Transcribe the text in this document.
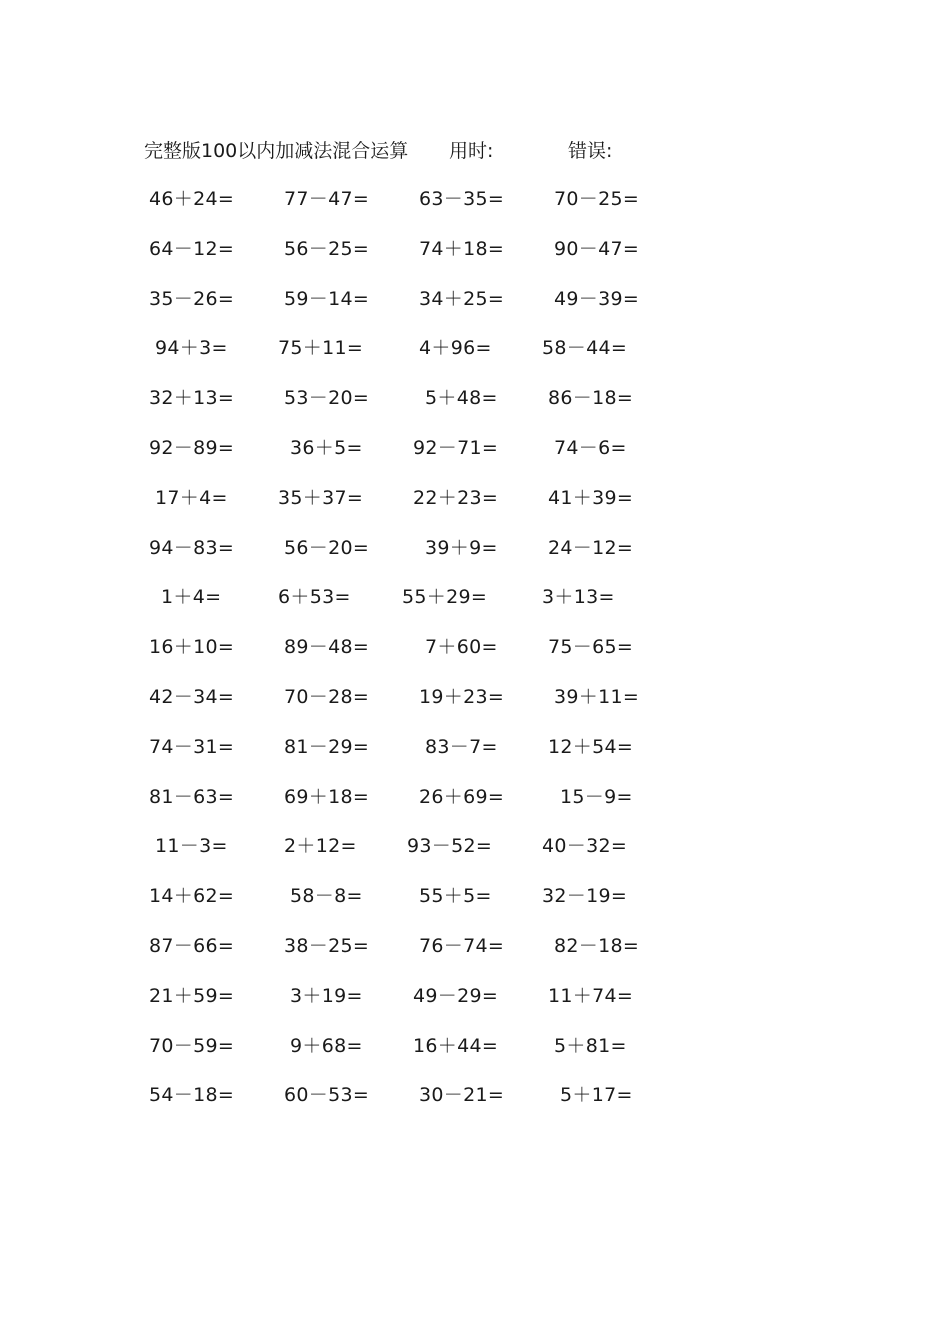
完整版100以内加减法混合运算 用时:	错误:
46＋24=	77－47=	63－35=	70－25=
64－12=	56－25=	74＋18=	90－47=
35－26=	59－14=	34＋25=	49－39=
94＋3=	75＋11=	4＋96=	58－44=
32＋13=	53－20=	5＋48=	86－18=
92－89=	36＋5=	92－71=	74－6=
17＋4=	35＋37=	22＋23=	41＋39=
94－83=	56－20=	39＋9=	24－12=
1＋4=	6＋53=	55＋29=	3＋13=
16＋10=	89－48=	7＋60=	75－65=
42－34=	70－28=	19＋23=	39＋11=
74－31=	81－29=	83－7=	12＋54=
81－63=	69＋18=	26＋69=	15－9=
11－3=	2＋12=	93－52=	40－32=
14＋62=	58－8=	55＋5=	32－19=
87－66=	38－25=	76－74=	82－18=
21＋59=	3＋19=	49－29=	11＋74=
70－59=	9＋68=	16＋44=	5＋81=
54－18=	60－53=	30－21=	5＋17=
